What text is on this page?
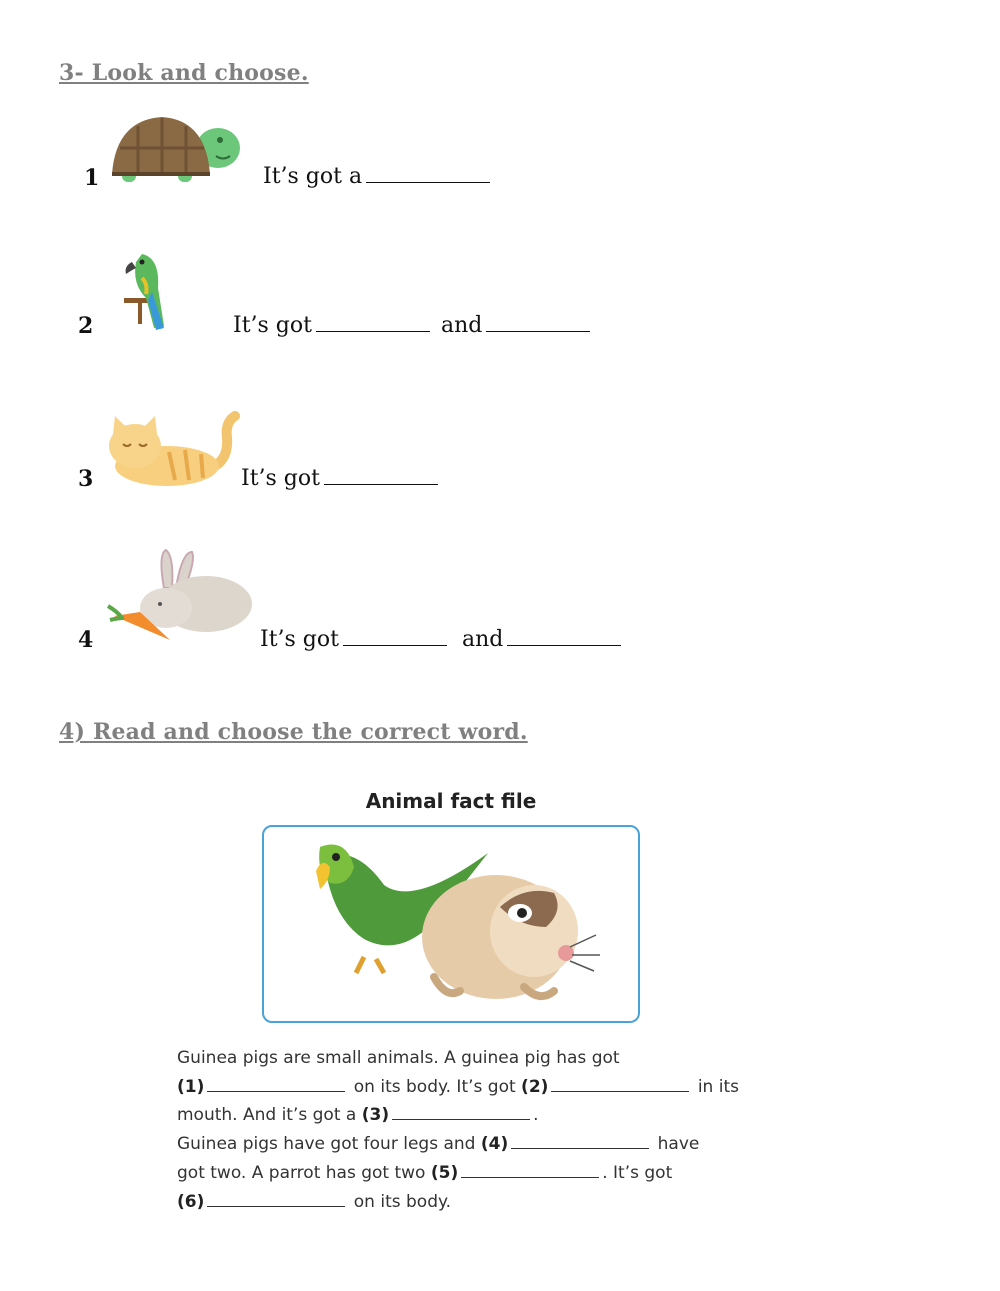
3- Look and choose.
1	It’s got a
2	It’s got	and
3	It’s got
4	It’s got	and
4) Read and choose the correct word.
Animal fact file
Guinea pigs are small animals. A guinea pig has got
(1)	on its body. It’s got (2)	in its
mouth. And it’s got a (3)	.
Guinea pigs have got four legs and (4)	have
got two. A parrot has got two (5)	. It’s got
(6)	on its body.
